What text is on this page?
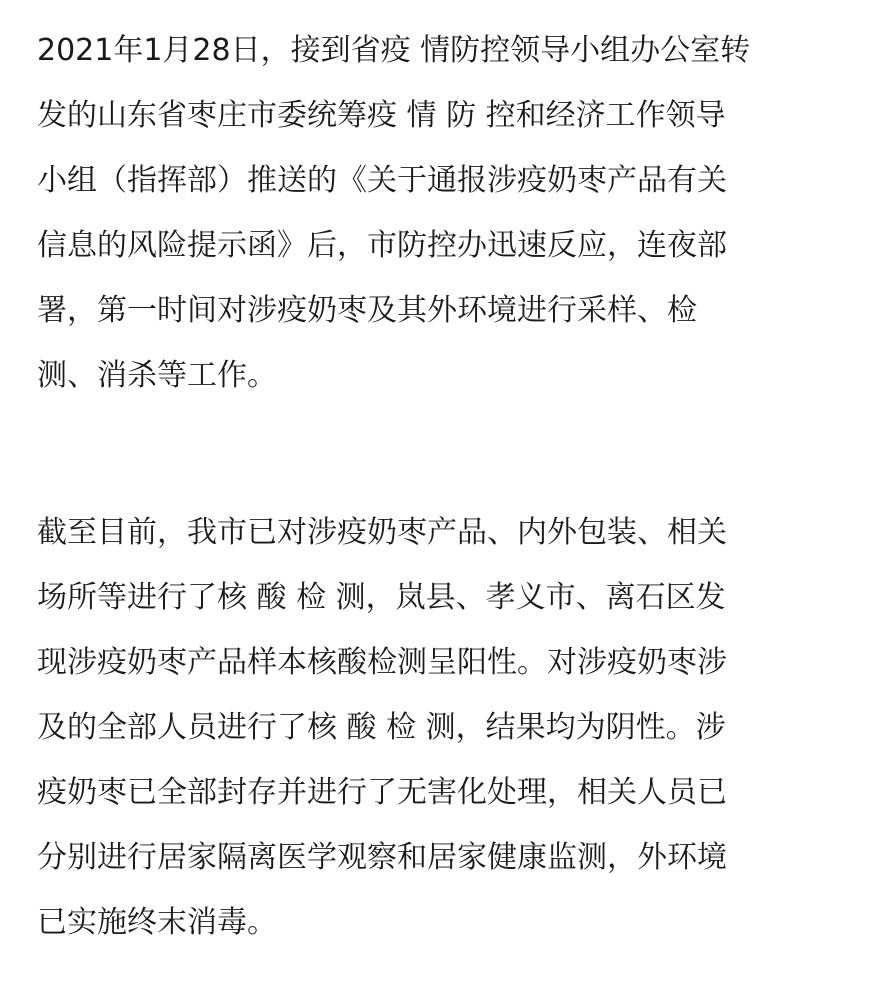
2021年1月28日，接到省疫 情防控领导小组办公室转
发的山东省枣庄市委统筹疫 情 防 控和经济工作领导
小组（指挥部）推送的《关于通报涉疫奶枣产品有关
信息的风险提示函》后，市防控办迅速反应，连夜部
署，第一时间对涉疫奶枣及其外环境进行采样、检
测、消杀等工作。
截至目前，我市已对涉疫奶枣产品、内外包装、相关
场所等进行了核 酸 检 测，岚县、孝义市、离石区发
现涉疫奶枣产品样本核酸检测呈阳性。对涉疫奶枣涉
及的全部人员进行了核 酸 检 测，结果均为阴性。涉
疫奶枣已全部封存并进行了无害化处理，相关人员已
分别进行居家隔离医学观察和居家健康监测，外环境
已实施终末消毒。
